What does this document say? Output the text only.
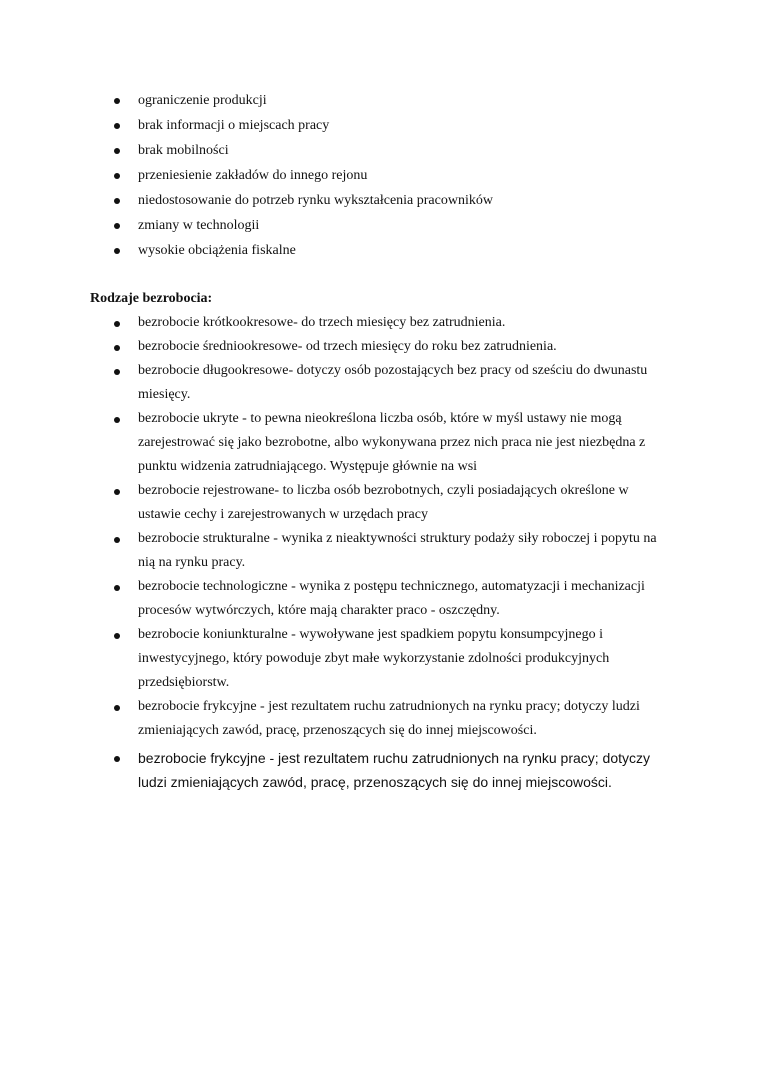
ograniczenie produkcji
brak informacji o miejscach pracy
brak mobilności
przeniesienie zakładów do innego rejonu
niedostosowanie do potrzeb rynku wykształcenia pracowników
zmiany w technologii
wysokie obciążenia fiskalne

Rodzaje bezrobocia:

bezrobocie krótkookresowe- do trzech miesięcy bez zatrudnienia.
bezrobocie średniookresowe- od trzech miesięcy do roku bez zatrudnienia.
bezrobocie długookresowe- dotyczy osób pozostających bez pracy od sześciu do dwunastu miesięcy.
bezrobocie ukryte - to pewna nieokreślona liczba osób, które w myśl ustawy nie mogą zarejestrować się jako bezrobotne, albo wykonywana przez nich praca nie jest niezbędna z punktu widzenia zatrudniającego. Występuje głównie na wsi
bezrobocie rejestrowane- to liczba osób bezrobotnych, czyli posiadających określone w ustawie cechy i zarejestrowanych w urzędach pracy
bezrobocie strukturalne - wynika z nieaktywności struktury podaży siły roboczej i popytu na nią na rynku pracy.
bezrobocie technologiczne - wynika z postępu technicznego, automatyzacji i mechanizacji procesów wytwórczych, które mają charakter praco - oszczędny.
bezrobocie koniunkturalne - wywoływane jest spadkiem popytu konsumpcyjnego i inwestycyjnego, który powoduje zbyt małe wykorzystanie zdolności produkcyjnych przedsiębiorstw.
bezrobocie frykcyjne - jest rezultatem ruchu zatrudnionych na rynku pracy; dotyczy ludzi zmieniających zawód, pracę, przenoszących się do innej miejscowości.
bezrobocie frykcyjne - jest rezultatem ruchu zatrudnionych na rynku pracy; dotyczy ludzi zmieniających zawód, pracę, przenoszących się do innej miejscowości.
